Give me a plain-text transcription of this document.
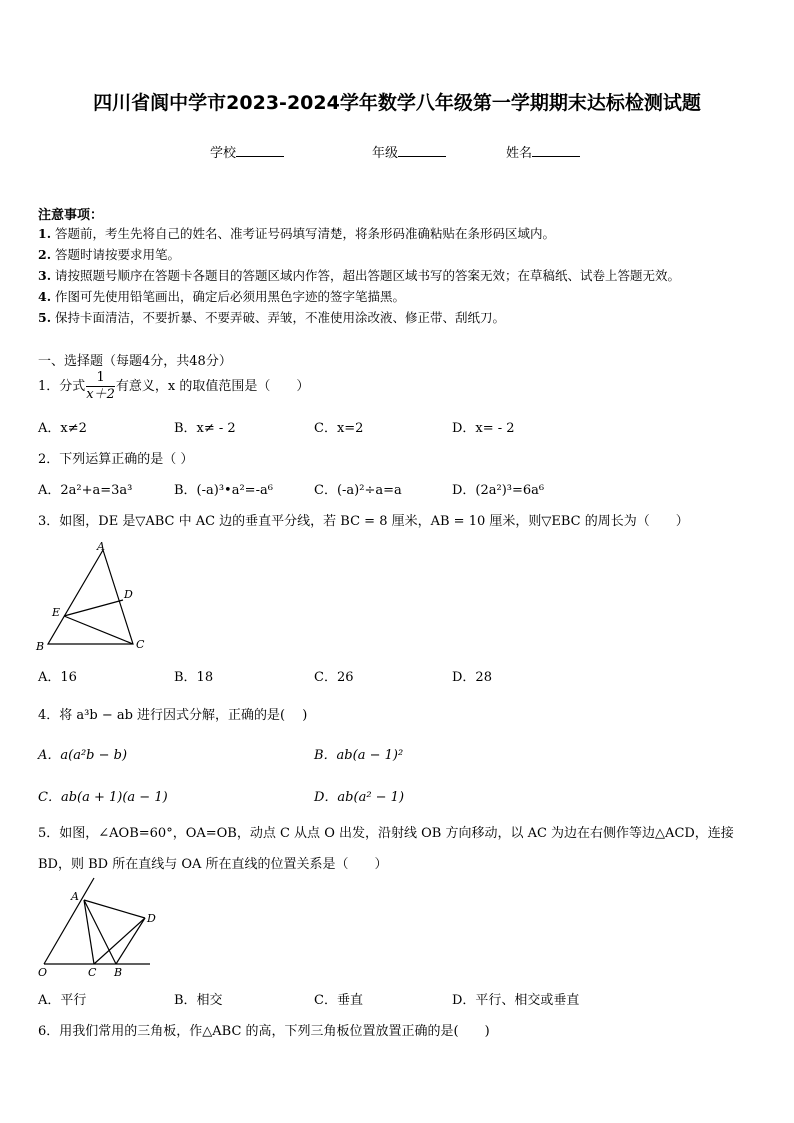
四川省阆中学市2023-2024学年数学八年级第一学期期末达标检测试题
学校	年级	姓名
注意事项：
1. 答题前，考生先将自己的姓名、准考证号码填写清楚，将条形码准确粘贴在条形码区域内。
2. 答题时请按要求用笔。
3. 请按照题号顺序在答题卡各题目的答题区域内作答，超出答题区域书写的答案无效；在草稿纸、试卷上答题无效。
4. 作图可先使用铅笔画出，确定后必须用黑色字迹的签字笔描黑。
5. 保持卡面清洁，不要折暴、不要弄破、弄皱，不准使用涂改液、修正带、刮纸刀。
一、选择题（每题4分，共48分）
1．分式 $\frac{1}{x+2}$ 有意义，x 的取值范围是（　　）
A．x≠2	B．x≠ - 2	C．x=2	D．x= - 2
2．下列运算正确的是（ ）
A．2a²+a=3a³	B．(-a)³•a²=-a⁶	C．(-a)²÷a=a	D．(2a²)³=6a⁶
3．如图，DE 是▽ABC 中 AC 边的垂直平分线，若 BC = 8 厘米，AB = 10 厘米，则▽EBC 的周长为（　　）
A
D
E
B	C
A．16	B．18	C．26	D．28
4．将 a³b − ab 进行因式分解，正确的是(　 )
A．a(a²b − b)	B．ab(a − 1)²
C．ab(a + 1)(a − 1)	D．ab(a² − 1)
5．如图，∠AOB=60°，OA=OB，动点 C 从点 O 出发，沿射线 OB 方向移动，以 AC 为边在右侧作等边△ACD，连接
BD，则 BD 所在直线与 OA 所在直线的位置关系是（　　）
A
D
O	C B
A．平行	B．相交	C．垂直	D．平行、相交或垂直
6．用我们常用的三角板，作△ABC 的高，下列三角板位置放置正确的是(　　)
